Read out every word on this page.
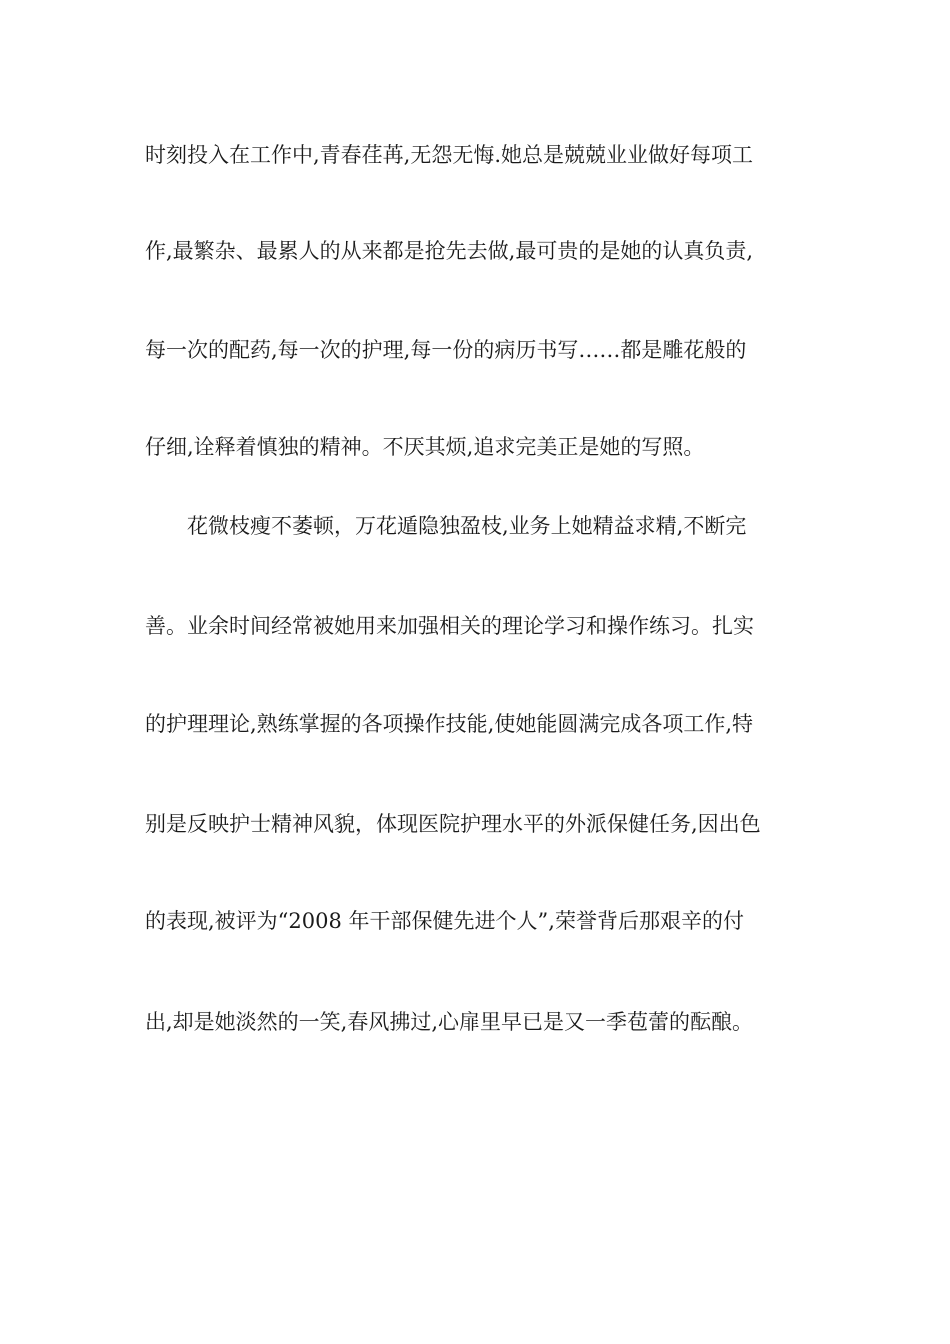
时刻投入在工作中,青春荏苒,无怨无悔.她总是兢兢业业做好每项工
作,最繁杂、最累人的从来都是抢先去做,最可贵的是她的认真负责,
每一次的配药,每一次的护理,每一份的病历书写……都是雕花般的
仔细,诠释着慎独的精神。不厌其烦,追求完美正是她的写照。
花微枝瘦不萎顿，万花遁隐独盈枝,业务上她精益求精,不断完
善。业余时间经常被她用来加强相关的理论学习和操作练习。扎实
的护理理论,熟练掌握的各项操作技能,使她能圆满完成各项工作,特
别是反映护士精神风貌，体现医院护理水平的外派保健任务,因出色
的表现,被评为“2008 年干部保健先进个人”,荣誉背后那艰辛的付
出,却是她淡然的一笑,春风拂过,心扉里早已是又一季苞蕾的酝酿。
